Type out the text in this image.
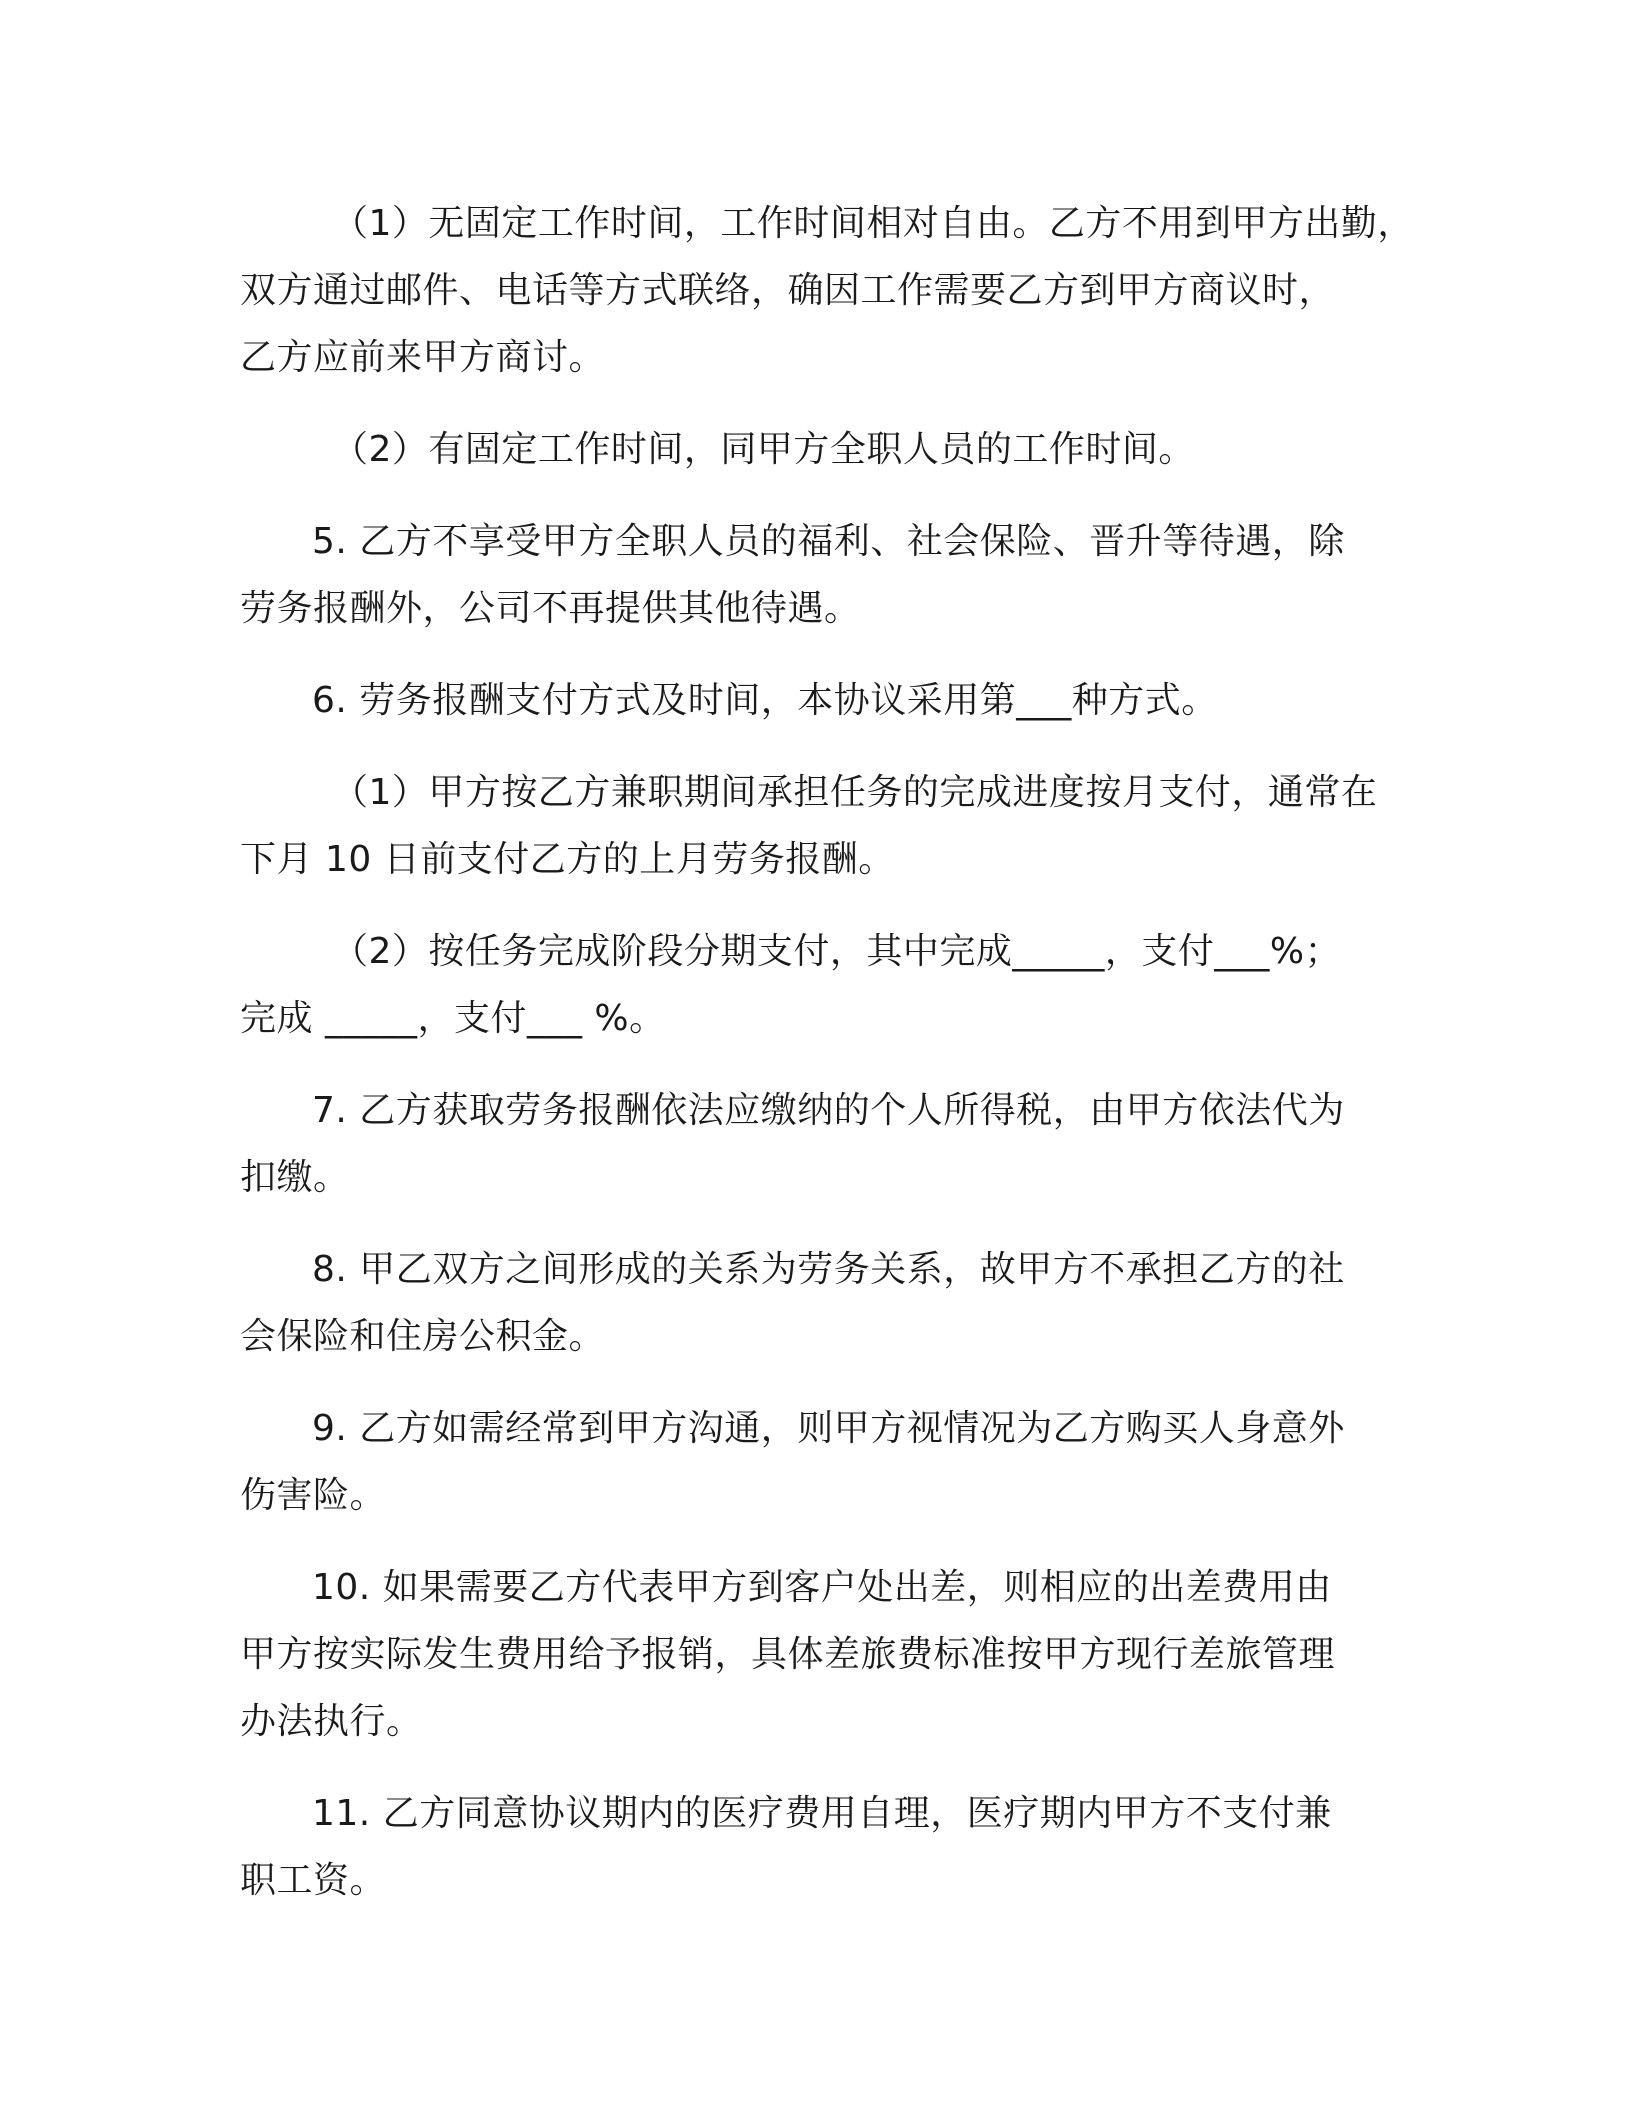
（1）无固定工作时间，工作时间相对自由。乙方不用到甲方出勤，
双方通过邮件、电话等方式联络，确因工作需要乙方到甲方商议时，
乙方应前来甲方商讨。

（2）有固定工作时间，同甲方全职人员的工作时间。

5. 乙方不享受甲方全职人员的福利、社会保险、晋升等待遇，除
劳务报酬外，公司不再提供其他待遇。

6. 劳务报酬支付方式及时间，本协议采用第___种方式。

（1）甲方按乙方兼职期间承担任务的完成进度按月支付，通常在
下月 10 日前支付乙方的上月劳务报酬。

（2）按任务完成阶段分期支付，其中完成_____，支付___%；
完成 _____，支付___ %。

7. 乙方获取劳务报酬依法应缴纳的个人所得税，由甲方依法代为
扣缴。

8. 甲乙双方之间形成的关系为劳务关系，故甲方不承担乙方的社
会保险和住房公积金。

9. 乙方如需经常到甲方沟通，则甲方视情况为乙方购买人身意外
伤害险。

10. 如果需要乙方代表甲方到客户处出差，则相应的出差费用由
甲方按实际发生费用给予报销，具体差旅费标准按甲方现行差旅管理
办法执行。

11. 乙方同意协议期内的医疗费用自理，医疗期内甲方不支付兼
职工资。
